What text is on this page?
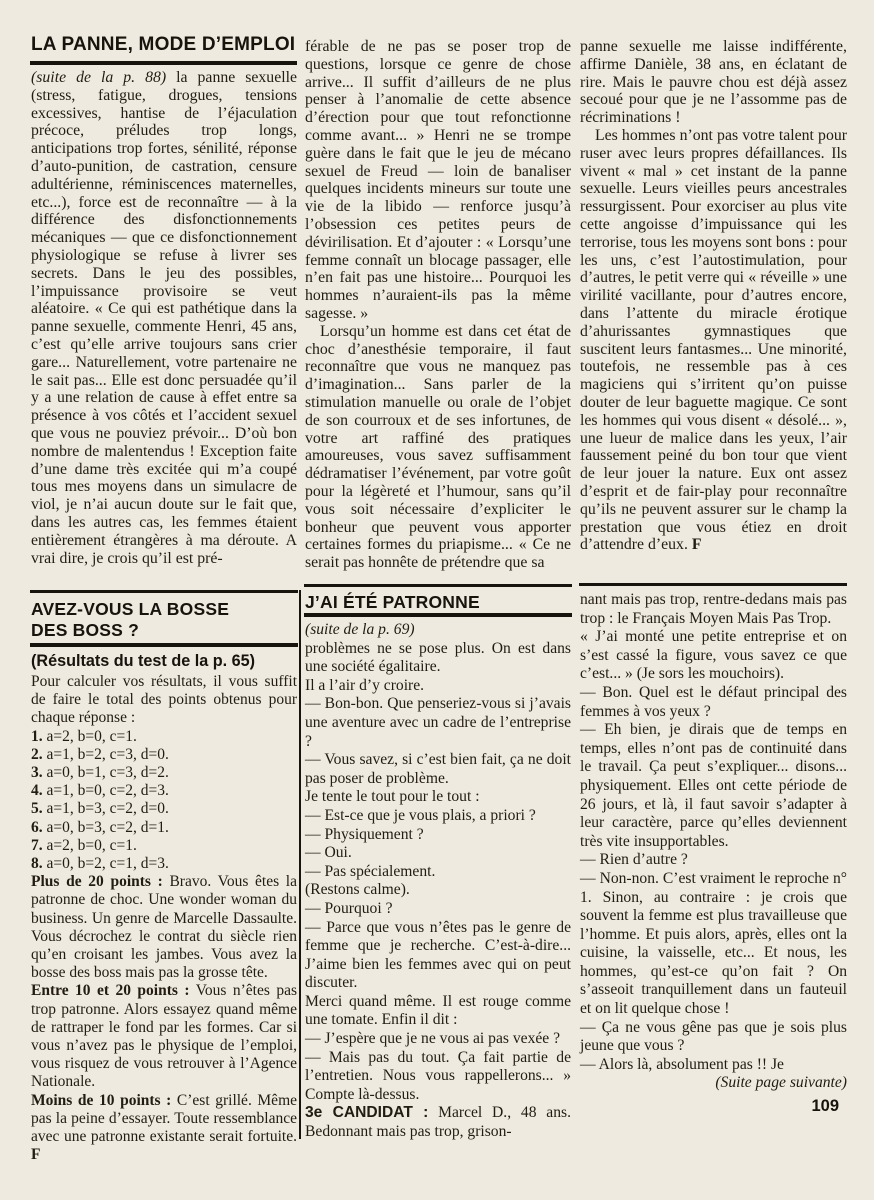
LA PANNE, MODE D’EMPLOI

(suite de la p. 88) la panne sexuelle (stress, fatigue, drogues, tensions excessives, hantise de l’éjaculation précoce, préludes trop longs, anticipations trop fortes, sénilité, réponse d’auto-punition, de castration, censure adultérienne, réminiscences maternelles, etc...), force est de reconnaître — à la différence des disfonctionnements mécaniques — que ce disfonctionnement physiologique se refuse à livrer ses secrets. Dans le jeu des possibles, l’impuissance provisoire se veut aléatoire. « Ce qui est pathétique dans la panne sexuelle, commente Henri, 45 ans, c’est qu’elle arrive toujours sans crier gare... Naturellement, votre partenaire ne le sait pas... Elle est donc persuadée qu’il y a une relation de cause à effet entre sa présence à vos côtés et l’accident sexuel que vous ne pouviez prévoir... D’où bon nombre de malentendus ! Exception faite d’une dame très excitée qui m’a coupé tous mes moyens dans un simulacre de viol, je n’ai aucun doute sur le fait que, dans les autres cas, les femmes étaient entièrement étrangères à ma déroute. A vrai dire, je crois qu’il est pré-

férable de ne pas se poser trop de questions, lorsque ce genre de chose arrive... Il suffit d’ailleurs de ne plus penser à l’anomalie de cette absence d’érection pour que tout refonctionne comme avant... » Henri ne se trompe guère dans le fait que le jeu de mécano sexuel de Freud — loin de banaliser quelques incidents mineurs sur toute une vie de la libido — renforce jusqu’à l’obsession ces petites peurs de dévirilisation. Et d’ajouter : « Lorsqu’une femme connaît un blocage passager, elle n’en fait pas une histoire... Pourquoi les hommes n’auraient-ils pas la même sagesse. »

Lorsqu’un homme est dans cet état de choc d’anesthésie temporaire, il faut reconnaître que vous ne manquez pas d’imagination... Sans parler de la stimulation manuelle ou orale de l’objet de son courroux et de ses infortunes, de votre art raffiné des pratiques amoureuses, vous savez suffisamment dédramatiser l’événement, par votre goût pour la légèreté et l’humour, sans qu’il vous soit nécessaire d’expliciter le bonheur que peuvent vous apporter certaines formes du priapisme... « Ce ne serait pas honnête de prétendre que sa

panne sexuelle me laisse indifférente, affirme Danièle, 38 ans, en éclatant de rire. Mais le pauvre chou est déjà assez secoué pour que je ne l’assomme pas de récriminations !

Les hommes n’ont pas votre talent pour ruser avec leurs propres défaillances. Ils vivent « mal » cet instant de la panne sexuelle. Leurs vieilles peurs ancestrales ressurgissent. Pour exorciser au plus vite cette angoisse d’impuissance qui les terrorise, tous les moyens sont bons : pour les uns, c’est l’autostimulation, pour d’autres, le petit verre qui « réveille » une virilité vacillante, pour d’autres encore, dans l’attente du miracle érotique d’ahurissantes gymnastiques que suscitent leurs fantasmes... Une minorité, toutefois, ne ressemble pas à ces magiciens qui s’irritent qu’on puisse douter de leur baguette magique. Ce sont les hommes qui vous disent « désolé... », une lueur de malice dans les yeux, l’air faussement peiné du bon tour que vient de leur jouer la nature. Eux ont assez d’esprit et de fair-play pour reconnaître qu’ils ne peuvent assurer sur le champ la prestation que vous étiez en droit d’attendre d’eux. F

AVEZ-VOUS LA BOSSE
DES BOSS ?
(Résultats du test de la p. 65)

Pour calculer vos résultats, il vous suffit de faire le total des points obtenus pour chaque réponse :

1. a=2, b=0, c=1.

2. a=1, b=2, c=3, d=0.

3. a=0, b=1, c=3, d=2.

4. a=1, b=0, c=2, d=3.

5. a=1, b=3, c=2, d=0.

6. a=0, b=3, c=2, d=1.

7. a=2, b=0, c=1.

8. a=0, b=2, c=1, d=3.

Plus de 20 points : Bravo. Vous êtes la patronne de choc. Une wonder woman du business. Un genre de Marcelle Dassaulte. Vous décrochez le contrat du siècle rien qu’en croisant les jambes. Vous avez la bosse des boss mais pas la grosse tête.

Entre 10 et 20 points : Vous n’êtes pas trop patronne. Alors essayez quand même de rattraper le fond par les formes. Car si vous n’avez pas le physique de l’emploi, vous risquez de vous retrouver à l’Agence Nationale.

Moins de 10 points : C’est grillé. Même pas la peine d’essayer. Toute ressemblance avec une patronne existante serait fortuite. F

J’AI ÉTÉ PATRONNE

(suite de la p. 69)

problèmes ne se pose plus. On est dans une société égalitaire.

Il a l’air d’y croire.

— Bon-bon. Que penseriez-vous si j’avais une aventure avec un cadre de l’entreprise ?

— Vous savez, si c’est bien fait, ça ne doit pas poser de problème.

Je tente le tout pour le tout :

— Est-ce que je vous plais, a priori ?

— Physiquement ?

— Oui.

— Pas spécialement.

(Restons calme).

— Pourquoi ?

— Parce que vous n’êtes pas le genre de femme que je recherche. C’est-à-dire... J’aime bien les femmes avec qui on peut discuter.

Merci quand même. Il est rouge comme une tomate. Enfin il dit :

— J’espère que je ne vous ai pas vexée ?

— Mais pas du tout. Ça fait partie de l’entretien. Nous vous rappellerons... » Compte là-dessus.

3e CANDIDAT : Marcel D., 48 ans. Bedonnant mais pas trop, grison-

nant mais pas trop, rentre-dedans mais pas trop : le Français Moyen Mais Pas Trop.

« J’ai monté une petite entreprise et on s’est cassé la figure, vous savez ce que c’est... » (Je sors les mouchoirs).

— Bon. Quel est le défaut principal des femmes à vos yeux ?

— Eh bien, je dirais que de temps en temps, elles n’ont pas de continuité dans le travail. Ça peut s’expliquer... disons... physiquement. Elles ont cette période de 26 jours, et là, il faut savoir s’adapter à leur caractère, parce qu’elles deviennent très vite insupportables.

— Rien d’autre ?

— Non-non. C’est vraiment le reproche n° 1. Sinon, au contraire : je crois que souvent la femme est plus travailleuse que l’homme. Et puis alors, après, elles ont la cuisine, la vaisselle, etc... Et nous, les hommes, qu’est-ce qu’on fait ? On s’asseoit tranquillement dans un fauteuil et on lit quelque chose !

— Ça ne vous gêne pas que je sois plus jeune que vous ?

— Alors là, absolument pas !! Je

(Suite page suivante)

109
